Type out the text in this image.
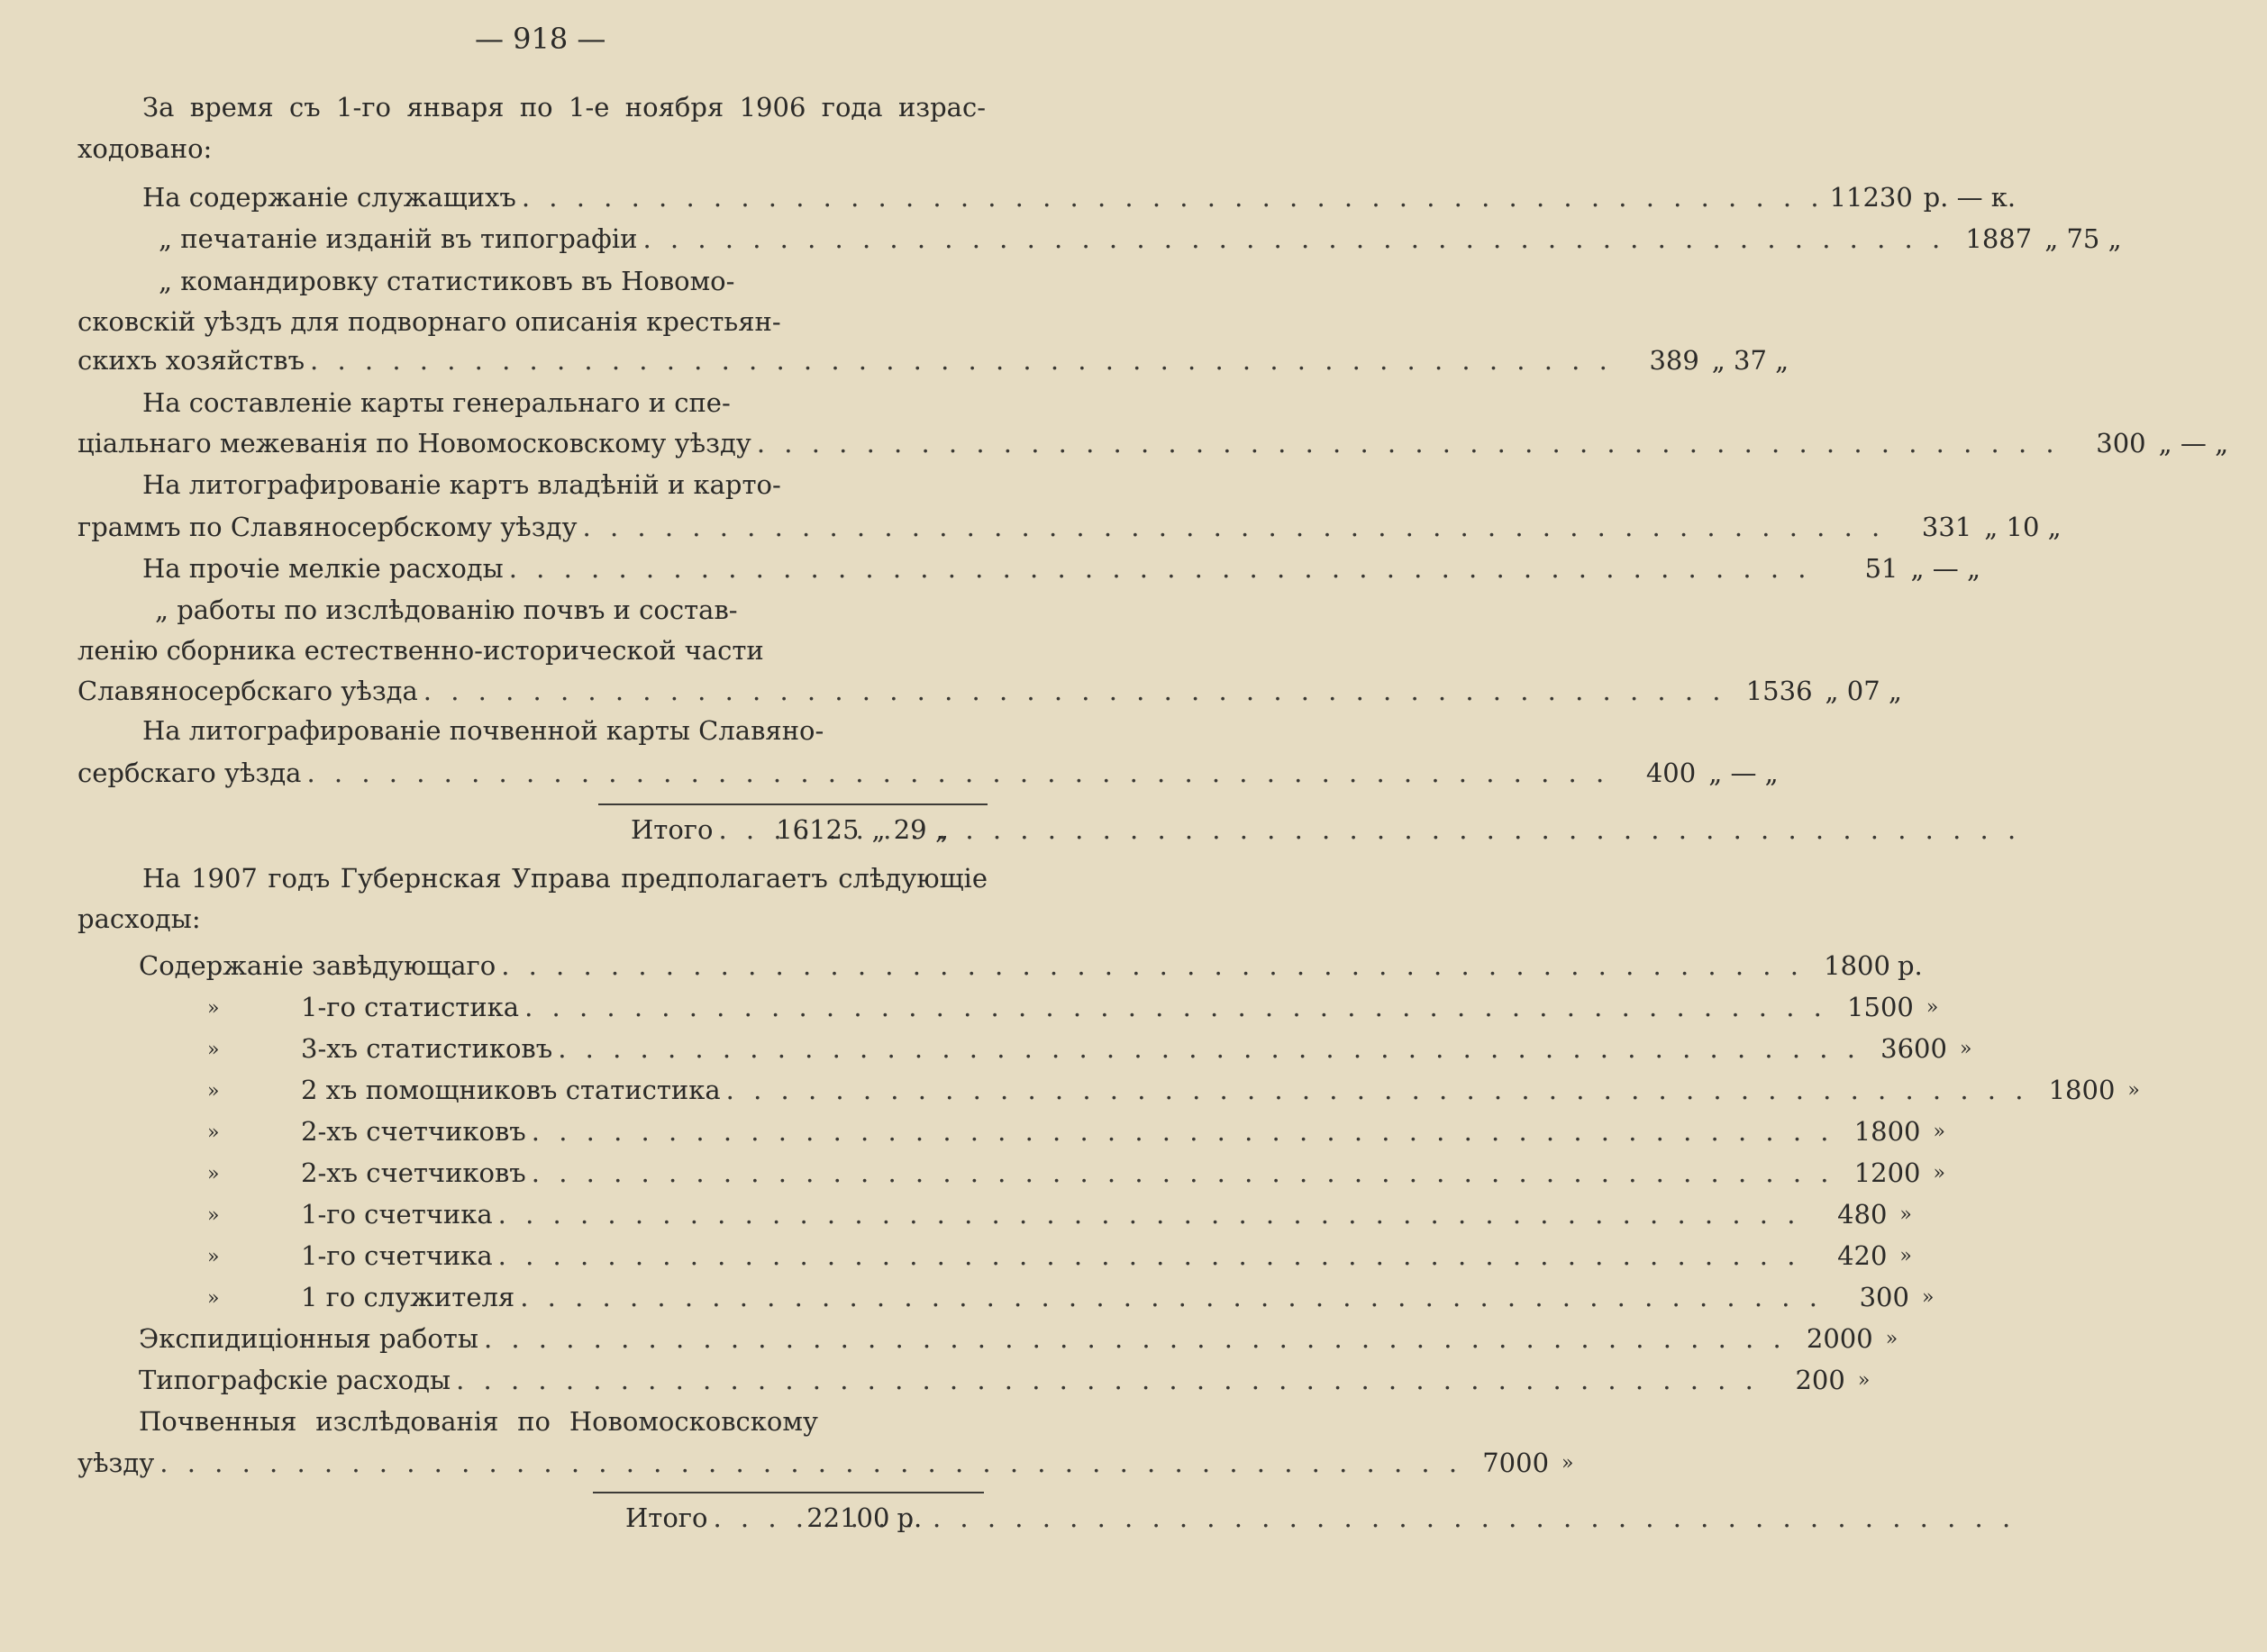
— 918 —
За время съ 1-го января по 1-е ноября 1906 года израс-
ходовано:
На содержаніе служащихъ . . .	11230 р. — к.
„ печатаніе изданій въ типографіи . . .	1887 „ 75 „
„ командировку статистиковъ въ Новомо-
сковскій уѣздъ для подворнаго описанія крестьян-
скихъ хозяйствъ . . .	389 „ 37 „
На составленіе карты генеральнаго и спе-
ціальнаго межеванія по Новомосковскому уѣзду . . .	300 „ — „
На литографированіе картъ владѣній и карто-
граммъ по Славяносербскому уѣзду . . .	331 „ 10 „
На прочіе мелкіе расходы . . .	51 „ — „
„ работы по изслѣдованію почвъ и состав-
ленію сборника естественно-исторической части
Славяносербскаго уѣзда . . .	1536 „ 07 „
На литографированіе почвенной карты Славяно-
сербскаго уѣзда . . .	400 „ — „
Итого . . .	16125 „ 29 „
На 1907 годъ Губернская Управа предполагаетъ слѣдующіе
расходы:
Содержаніе завѣдующаго . . .	1800 р.
»	1-го статистика . . .	1500 »
»	3-хъ статистиковъ . . .	3600 »
»	2 хъ помощниковъ статистика . . .	1800 »
»	2-хъ счетчиковъ . . .	1800 »
»	2-хъ счетчиковъ . . .	1200 »
»	1-го счетчика . . .	480 »
»	1-го счетчика . . .	420 »
»	1 го служителя . . .	300 »
Экспидиціонныя работы . . .	2000 »
Типографскіе расходы . . .	200 »
Почвенныя изслѣдованія по Новомосковскому
уѣзду . . .	7000 »
Итого . . .	22100 р.
